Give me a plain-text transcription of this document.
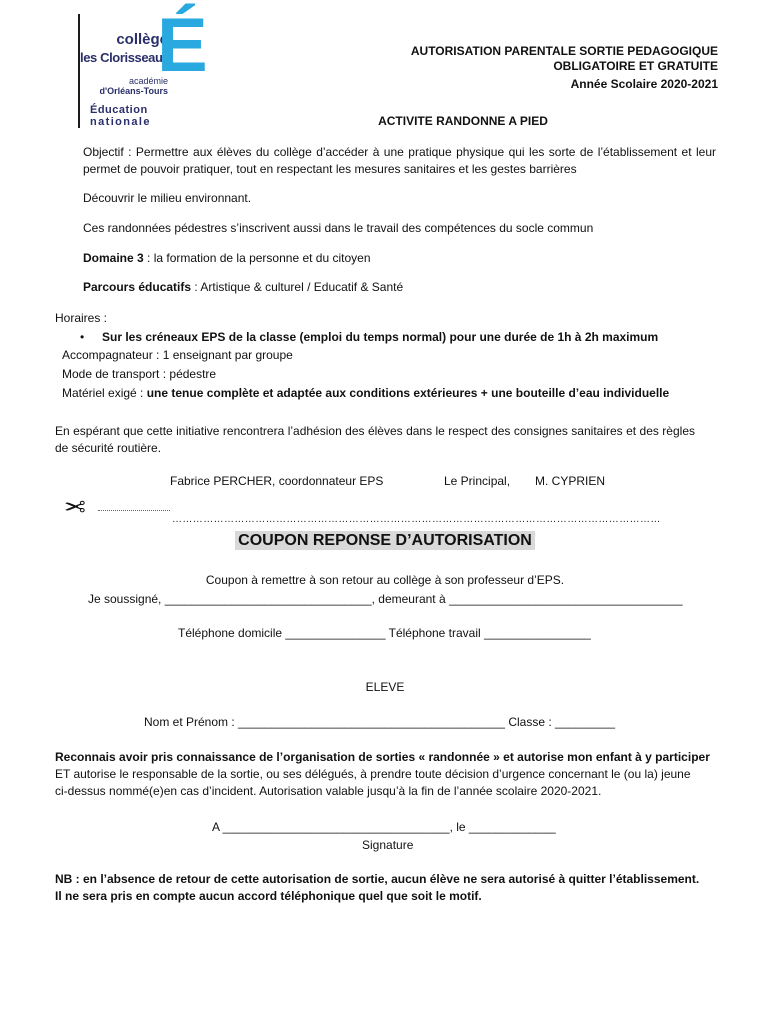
collège
les Clorisseaux
É
académie
d'Orléans-Tours
Éducation
nationale
AUTORISATION PARENTALE SORTIE PEDAGOGIQUE
OBLIGATOIRE ET GRATUITE
Année Scolaire 2020-2021
ACTIVITE RANDONNE A PIED
Objectif : Permettre aux élèves du collège d’accéder à une pratique physique qui les sorte de l’établissement et leur permet de pouvoir pratiquer, tout en respectant les mesures sanitaires et les gestes barrières
Découvrir le milieu environnant.
Ces randonnées pédestres s’inscrivent aussi dans le travail des compétences du socle commun
Domaine 3 : la formation de la personne et du citoyen
Parcours éducatifs : Artistique & culturel / Educatif & Santé
Horaires :
• Sur les créneaux EPS de la classe (emploi du temps normal) pour une durée de 1h à 2h maximum
Accompagnateur : 1 enseignant par groupe
Mode de transport : pédestre
Matériel exigé : une tenue complète et adaptée aux conditions extérieures + une bouteille d’eau individuelle
En espérant que cette initiative rencontrera l’adhésion des élèves dans le respect des consignes sanitaires et des règles de sécurité routière.
Fabrice PERCHER, coordonnateur EPS	Le Principal, M. CYPRIEN
✂	……………………………………………………………………………………………………………………………
COUPON REPONSE D’AUTORISATION
Coupon à remettre à son retour au collège à son professeur d’EPS.
Je soussigné, _______________________________, demeurant à ___________________________________
Téléphone domicile _______________ Téléphone travail ________________
ELEVE
Nom et Prénom : ________________________________________ Classe : _________
Reconnais avoir pris connaissance de l’organisation de sorties « randonnée » et autorise mon enfant à y participer
ET autorise le responsable de la sortie, ou ses délégués, à prendre toute décision d’urgence concernant le (ou la) jeune ci-dessus nommé(e)en cas d’incident. Autorisation valable jusqu’à la fin de l’année scolaire 2020-2021.
A __________________________________, le _____________
Signature
NB : en l’absence de retour de cette autorisation de sortie, aucun élève ne sera autorisé à quitter l’établissement.
Il ne sera pris en compte aucun accord téléphonique quel que soit le motif.
